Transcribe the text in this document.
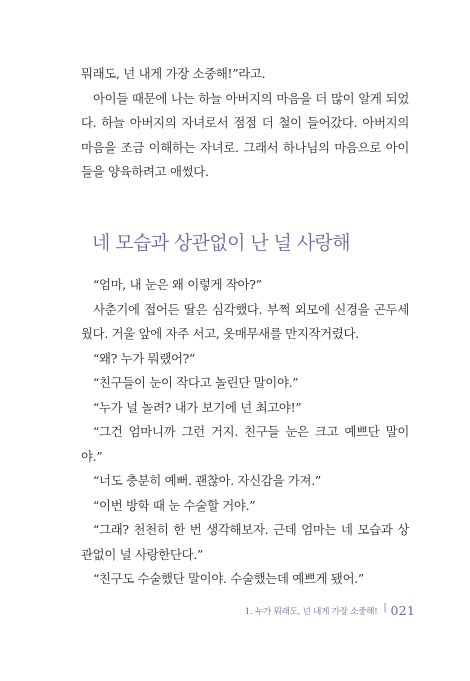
뭐래도, 넌 내게 가장 소중해!”라고.

아이들 때문에 나는 하늘 아버지의 마음을 더 많이 알게 되었다. 하늘 아버지의 자녀로서 점점 더 철이 들어갔다. 아버지의 마음을 조금 이해하는 자녀로. 그래서 하나님의 마음으로 아이들을 양육하려고 애썼다.

네 모습과 상관없이 난 널 사랑해

“엄마, 내 눈은 왜 이렇게 작아?”

사춘기에 접어든 딸은 심각했다. 부쩍 외모에 신경을 곤두세웠다. 거울 앞에 자주 서고, 옷매무새를 만지작거렸다.

“왜? 누가 뭐랬어?”

“친구들이 눈이 작다고 놀린단 말이야.”

“누가 널 놀려? 내가 보기에 넌 최고야!”

“그건 엄마니까 그런 거지. 친구들 눈은 크고 예쁘단 말이야.”

“너도 충분히 예뻐. 괜찮아. 자신감을 가져.”

“이번 방학 때 눈 수술할 거야.”

“그래? 천천히 한 번 생각해보자. 근데 엄마는 네 모습과 상관없이 널 사랑한단다.”

“친구도 수술했단 말이야. 수술했는데 예쁘게 됐어.”

1. 누가 뭐래도, 넌 내게 가장 소중해! | 021
